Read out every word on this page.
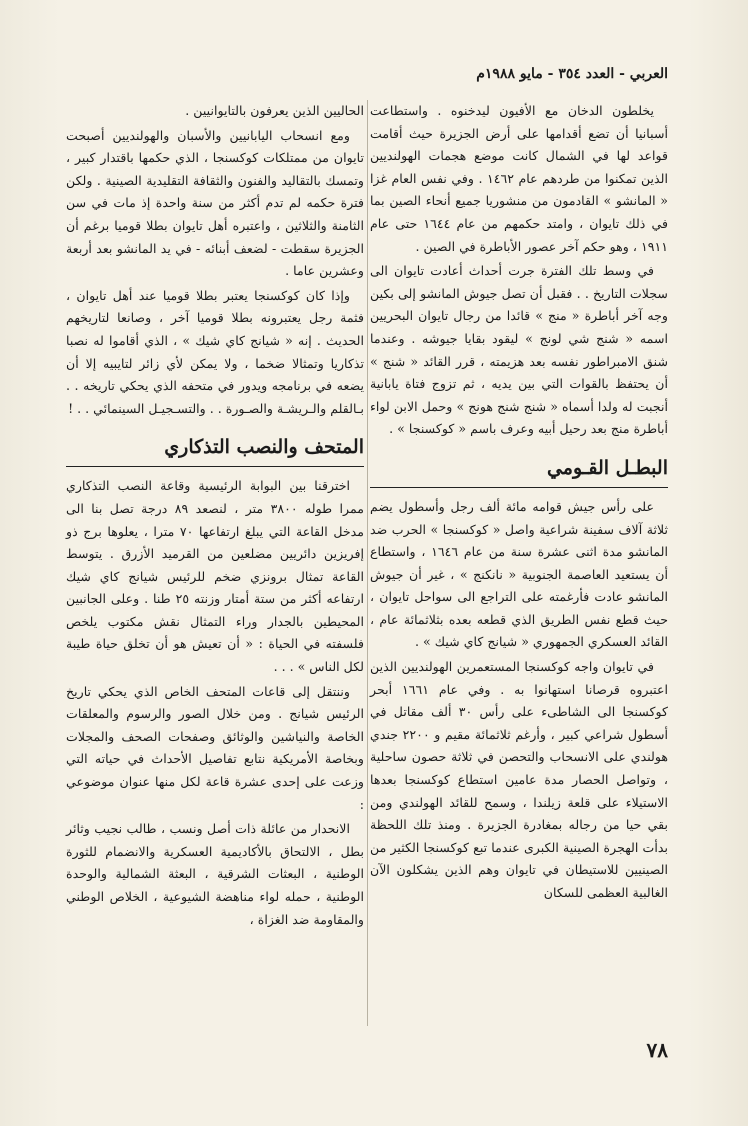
العربي - العدد ٣٥٤ - مايو ١٩٨٨م

يخلطون الدخان مع الأفيون ليدخنوه . واستطاعت أسبانيا أن تضع أقدامها على أرض الجزيرة حيث أقامت قواعد لها في الشمال كانت موضع هجمات الهولنديين الذين تمكنوا من طردهم عام ١٤٦٢ . وفي نفس العام غزا « المانشو » القادمون من منشوريا جميع أنحاء الصين بما في ذلك تايوان ، وامتد حكمهم من عام ١٦٤٤ حتى عام ١٩١١ ، وهو حكم آخر عصور الأباطرة في الصين .

في وسط تلك الفترة جرت أحداث أعادت تايوان الى سجلات التاريخ . . فقبل أن تصل جيوش المانشو إلى بكين وجه آخر أباطرة « منج » قائدا من رجال تايوان البحريين اسمه « شنج شي لونج » ليقود بقايا جيوشه . وعندما شنق الامبراطور نفسه بعد هزيمته ، قرر القائد « شنج » أن يحتفظ بالقوات التي بين يديه ، ثم تزوج فتاة يابانية أنجبت له ولدا أسماه « شنج شنج هونج » وحمل الابن لواء أباطرة منج بعد رحيل أبيه وعرف باسم « كوكسنجا » .

البطـل القـومي

على رأس جيش قوامه مائة ألف رجل وأسطول يضم ثلاثة آلاف سفينة شراعية واصل « كوكسنجا » الحرب ضد المانشو مدة اثنى عشرة سنة من عام ١٦٤٦ ، واستطاع أن يستعيد العاصمة الجنوبية « نانكنج » ، غير أن جيوش المانشو عادت فأرغمته على التراجع الى سواحل تايوان ، حيث قطع نفس الطريق الذي قطعه بعده بثلاثمائة عام ، القائد العسكري الجمهوري « شيانج كاي شيك » .

في تايوان واجه كوكسنجا المستعمرين الهولنديين الذين اعتبروه قرصانا استهانوا به . وفي عام ١٦٦١ أبحر كوكسنجا الى الشاطىء على رأس ٣٠ ألف مقاتل في أسطول شراعي كبير ، وأرغم ثلاثمائة مقيم و ٢٢٠٠ جندي هولندي على الانسحاب والتحصن في ثلاثة حصون ساحلية ، وتواصل الحصار مدة عامين استطاع كوكسنجا بعدها الاستيلاء على قلعة زيلندا ، وسمح للقائد الهولندي ومن بقي حيا من رجاله بمغادرة الجزيرة . ومنذ تلك اللحظة بدأت الهجرة الصينية الكبرى عندما تبع كوكسنجا الكثير من الصينيين للاستيطان في تايوان وهم الذين يشكلون الآن الغالبية العظمى للسكان

الحاليين الذين يعرفون بالتايوانيين .

ومع انسحاب اليابانيين والأسبان والهولنديين أصبحت تايوان من ممتلكات كوكسنجا ، الذي حكمها باقتدار كبير ، وتمسك بالتقاليد والفنون والثقافة التقليدية الصينية . ولكن فترة حكمه لم تدم أكثر من سنة واحدة إذ مات في سن الثامنة والثلاثين ، واعتبره أهل تايوان بطلا قوميا برغم أن الجزيرة سقطت - لضعف أبنائه - في يد المانشو بعد أربعة وعشرين عاما .

وإذا كان كوكسنجا يعتبر بطلا قوميا عند أهل تايوان ، فثمة رجل يعتبرونه بطلا قوميا آخر ، وصانعا لتاريخهم الحديث . إنه « شيانج كاي شيك » ، الذي أقاموا له نصبا تذكاريا وتمثالا ضخما ، ولا يمكن لأي زائر لتايبيه إلا أن يضعه في برنامجه ويدور في متحفه الذي يحكي تاريخه . . بـالقلم والـريشـة والصـورة . . والتسـجيـل السينمائي . . !

المتحف والنصب التذكاري

اخترقنا بين البوابة الرئيسية وقاعة النصب التذكاري ممرا طوله ٣٨٠٠ متر ، لنصعد ٨٩ درجة تصل بنا الى مدخل القاعة التي يبلغ ارتفاعها ٧٠ مترا ، يعلوها برج ذو إفريزين دائريين مضلعين من القرميد الأزرق . يتوسط القاعة تمثال برونزي ضخم للرئيس شيانج كاي شيك ارتفاعه أكثر من ستة أمتار وزنته ٢٥ طنا . وعلى الجانبين المحيطين بالجدار وراء التمثال نقش مكتوب يلخص فلسفته في الحياة : « أن تعيش هو أن تخلق حياة طيبة لكل الناس » . . .

وننتقل إلى قاعات المتحف الخاص الذي يحكي تاريخ الرئيس شيانج . ومن خلال الصور والرسوم والمعلقات الخاصة والنياشين والوثائق وصفحات الصحف والمجلات وبخاصة الأمريكية نتابع تفاصيل الأحداث في حياته التي وزعت على إحدى عشرة قاعة لكل منها عنوان موضوعي :

الانحدار من عائلة ذات أصل ونسب ، طالب نجيب وثائر بطل ، الالتحاق بالأكاديمية العسكرية والانضمام للثورة الوطنية ، البعثات الشرقية ، البعثة الشمالية والوحدة الوطنية ، حمله لواء مناهضة الشيوعية ، الخلاص الوطني والمقاومة ضد الغزاة ،

٧٨
